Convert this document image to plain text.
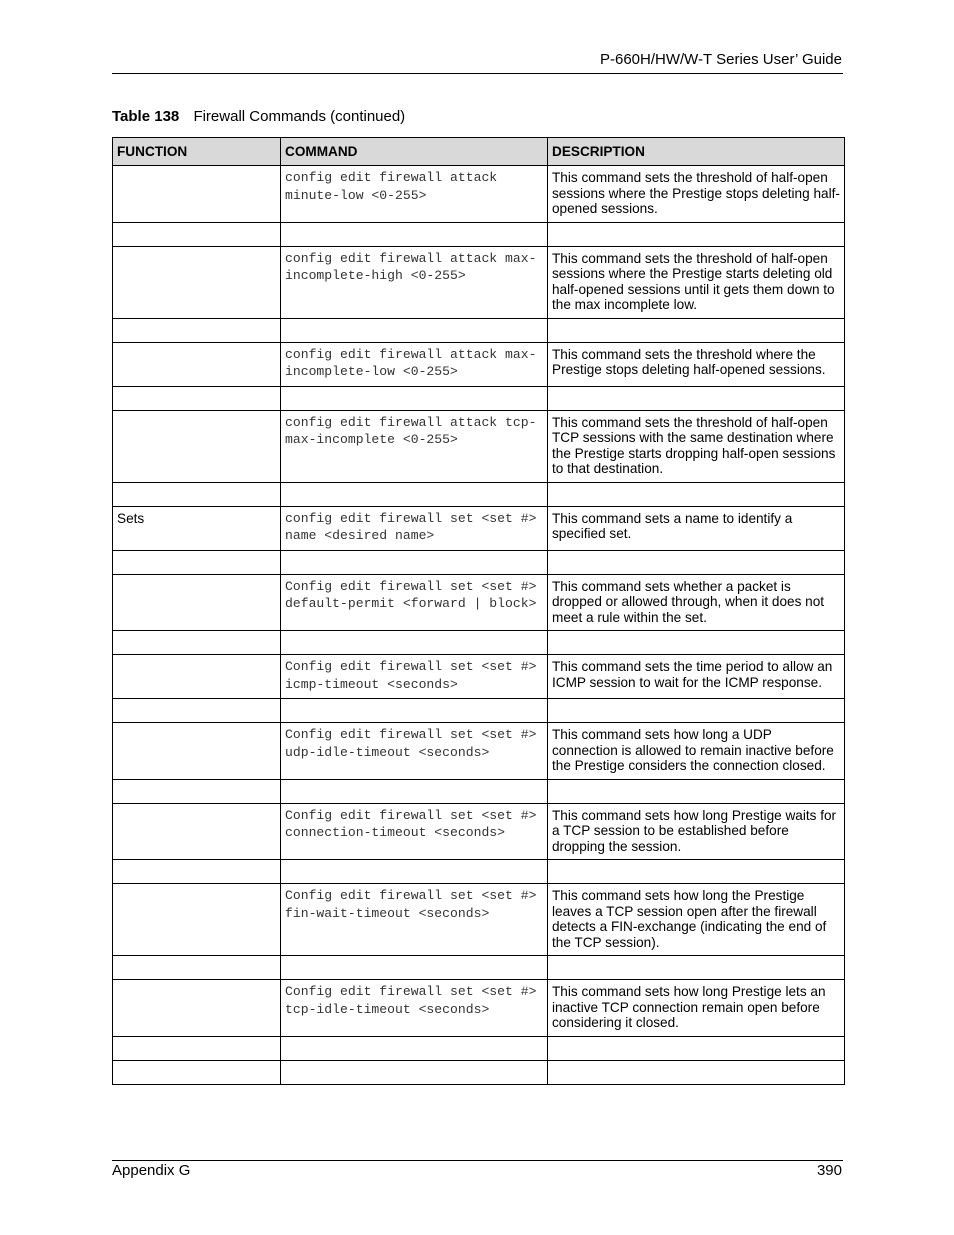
P-660H/HW/W-T Series User’ Guide
Table 138 Firewall Commands (continued)
FUNCTION	COMMAND	DESCRIPTION
	config edit firewall attack minute-low <0-255>	This command sets the threshold of half-open sessions where the Prestige stops deleting half-opened sessions.

	config edit firewall attack max-incomplete-high <0-255>	This command sets the threshold of half-open sessions where the Prestige starts deleting old half-opened sessions until it gets them down to the max incomplete low.

	config edit firewall attack max-incomplete-low <0-255>	This command sets the threshold where the Prestige stops deleting half-opened sessions.

	config edit firewall attack tcp-max-incomplete <0-255>	This command sets the threshold of half-open TCP sessions with the same destination where the Prestige starts dropping half-open sessions to that destination.

Sets	config edit firewall set <set #> name <desired name>	This command sets a name to identify a specified set.

	Config edit firewall set <set #> default-permit <forward | block>	This command sets whether a packet is dropped or allowed through, when it does not meet a rule within the set.

	Config edit firewall set <set #> icmp-timeout <seconds>	This command sets the time period to allow an ICMP session to wait for the ICMP response.

	Config edit firewall set <set #> udp-idle-timeout <seconds>	This command sets how long a UDP connection is allowed to remain inactive before the Prestige considers the connection closed.

	Config edit firewall set <set #> connection-timeout <seconds>	This command sets how long Prestige waits for a TCP session to be established before dropping the session.

	Config edit firewall set <set #> fin-wait-timeout <seconds>	This command sets how long the Prestige leaves a TCP session open after the firewall detects a FIN-exchange (indicating the end of the TCP session).

	Config edit firewall set <set #> tcp-idle-timeout <seconds>	This command sets how long Prestige lets an inactive TCP connection remain open before considering it closed.

Appendix G	390
